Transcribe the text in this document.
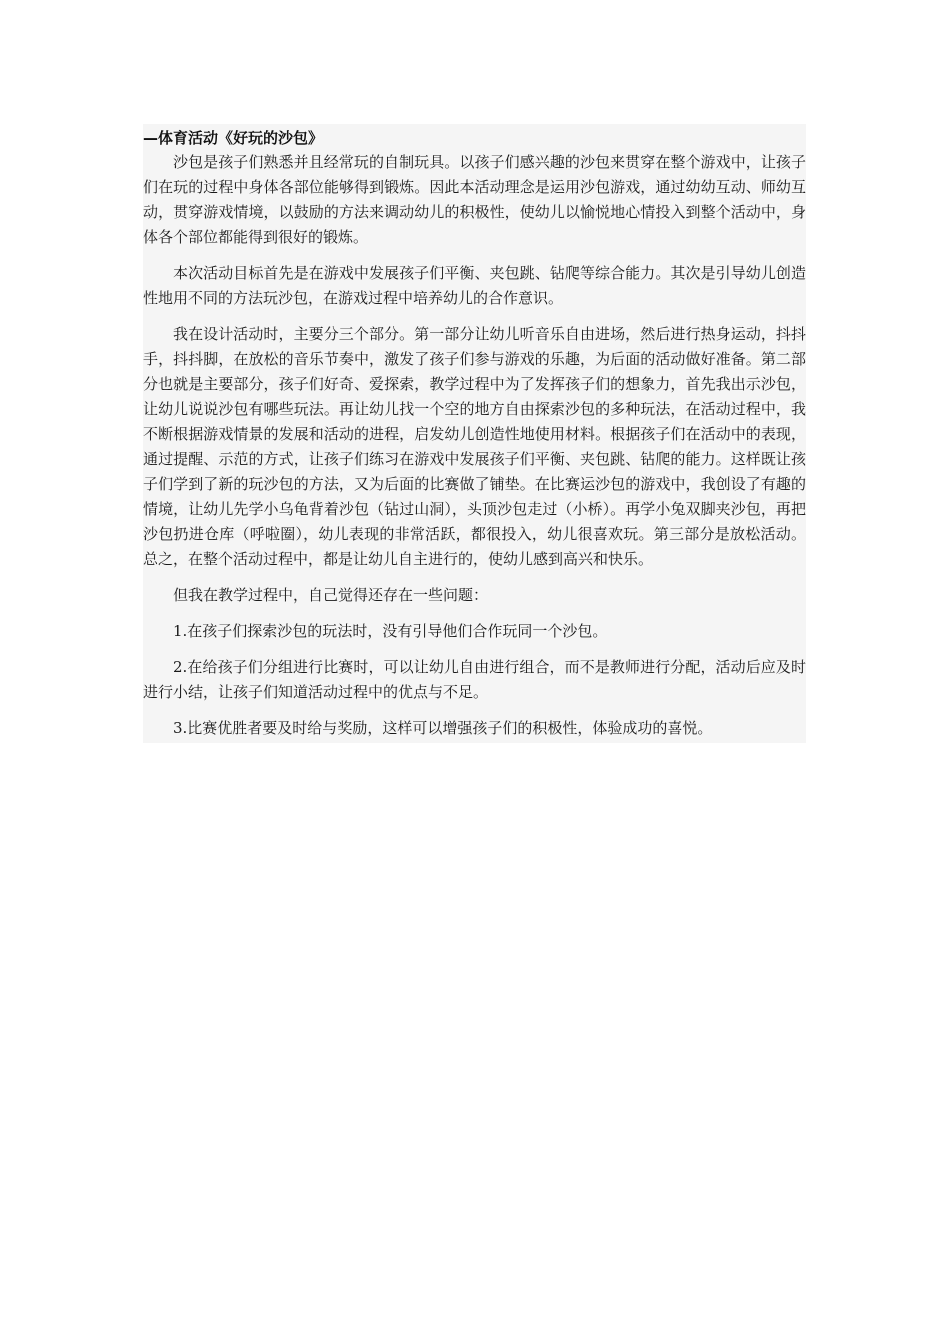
—体育活动《好玩的沙包》

沙包是孩子们熟悉并且经常玩的自制玩具。以孩子们感兴趣的沙包来贯穿在整个游戏中，让孩子们在玩的过程中身体各部位能够得到锻炼。因此本活动理念是运用沙包游戏，通过幼幼互动、师幼互动，贯穿游戏情境，以鼓励的方法来调动幼儿的积极性，使幼儿以愉悦地心情投入到整个活动中，身体各个部位都能得到很好的锻炼。

本次活动目标首先是在游戏中发展孩子们平衡、夹包跳、钻爬等综合能力。其次是引导幼儿创造性地用不同的方法玩沙包，在游戏过程中培养幼儿的合作意识。

我在设计活动时，主要分三个部分。第一部分让幼儿听音乐自由进场，然后进行热身运动，抖抖手，抖抖脚，在放松的音乐节奏中，激发了孩子们参与游戏的乐趣，为后面的活动做好准备。第二部分也就是主要部分，孩子们好奇、爱探索，教学过程中为了发挥孩子们的想象力，首先我出示沙包，让幼儿说说沙包有哪些玩法。再让幼儿找一个空的地方自由探索沙包的多种玩法，在活动过程中，我不断根据游戏情景的发展和活动的进程，启发幼儿创造性地使用材料。根据孩子们在活动中的表现，通过提醒、示范的方式，让孩子们练习在游戏中发展孩子们平衡、夹包跳、钻爬的能力。这样既让孩子们学到了新的玩沙包的方法，又为后面的比赛做了铺垫。在比赛运沙包的游戏中，我创设了有趣的情境，让幼儿先学小乌龟背着沙包（钻过山洞），头顶沙包走过（小桥）。再学小兔双脚夹沙包，再把沙包扔进仓库（呼啦圈），幼儿表现的非常活跃，都很投入，幼儿很喜欢玩。第三部分是放松活动。总之，在整个活动过程中，都是让幼儿自主进行的，使幼儿感到高兴和快乐。

但我在教学过程中，自己觉得还存在一些问题：

1.在孩子们探索沙包的玩法时，没有引导他们合作玩同一个沙包。

2.在给孩子们分组进行比赛时，可以让幼儿自由进行组合，而不是教师进行分配，活动后应及时进行小结，让孩子们知道活动过程中的优点与不足。

3.比赛优胜者要及时给与奖励，这样可以增强孩子们的积极性，体验成功的喜悦。
